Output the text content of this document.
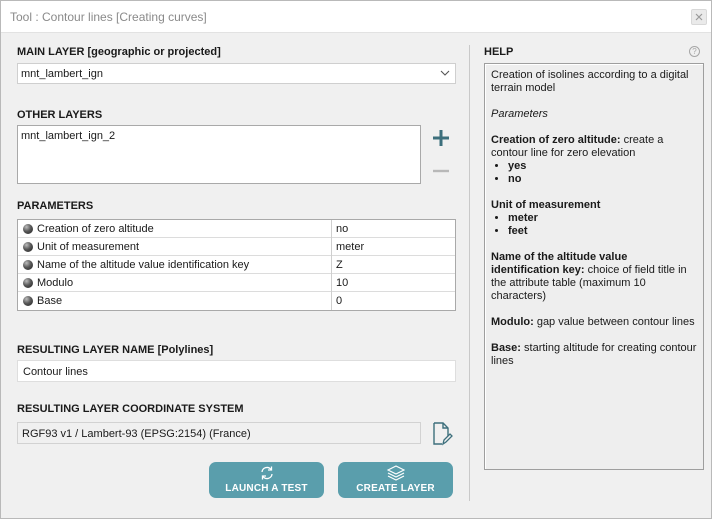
Tool : Contour lines [Creating curves]
MAIN LAYER [geographic or projected]
mnt_lambert_ign
OTHER LAYERS
mnt_lambert_ign_2
PARAMETERS
Creation of zero altitude	no
Unit of measurement	meter
Name of the altitude value identification key	Z
Modulo	10
Base	0
RESULTING LAYER NAME [Polylines]
Contour lines
RESULTING LAYER COORDINATE SYSTEM
RGF93 v1 / Lambert-93 (EPSG:2154) (France)
LAUNCH A TEST	CREATE LAYER
HELP	?

Creation of isolines according to a digital terrain model

Parameters

Creation of zero altitude: create a contour line for zero elevation
• yes
• no
Unit of measurement
• meter
• feet

Name of the altitude value identification key: choice of field title in the attribute table (maximum 10 characters)

Modulo: gap value between contour lines

Base: starting altitude for creating contour lines
